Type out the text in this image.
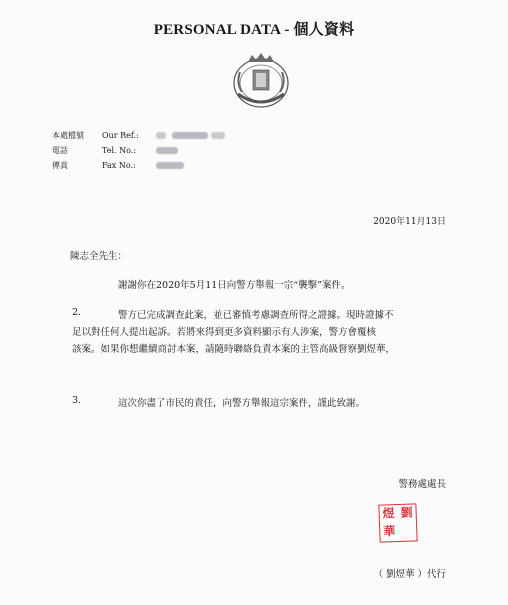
PERSONAL DATA - 個人資料
本處檔號	Our Ref.:
電話	Tel. No.:
傳真	Fax No.:
2020年11月13日
陳志全先生：
謝謝你在2020年5月11日向警方舉報一宗“襲擊”案件。
2.	警方已完成調查此案，並已審慎考慮調查所得之證據。現時證據不
足以對任何人提出起訴。若將來得到更多資料顯示有人涉案，警方會覆核
該案。如果你想繼續商討本案，請隨時聯絡負責本案的主管高級督察劉煜華，
3.	這次你盡了市民的責任，向警方舉報這宗案件，謹此致謝。
警務處處長
劉
煜
華
（ 劉煜華 ）代行
